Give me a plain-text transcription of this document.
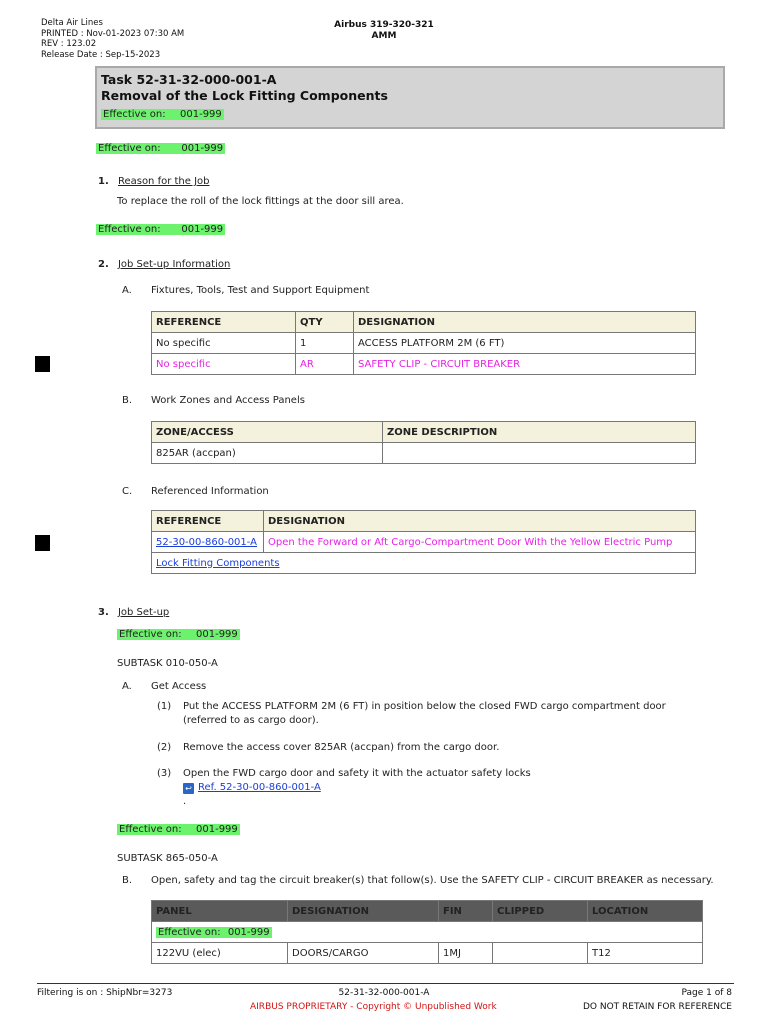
Delta Air Lines
PRINTED : Nov-01-2023 07:30 AM
REV : 123.02
Release Date : Sep-15-2023
Airbus 319-320-321
AMM
Task 52-31-32-000-001-A
Removal of the Lock Fitting Components
Effective on: 001-999
Effective on: 001-999
1. Reason for the Job
To replace the roll of the lock fittings at the door sill area.
Effective on: 001-999
2. Job Set-up Information
A. Fixtures, Tools, Test and Support Equipment
REFERENCE	QTY	DESIGNATION
No specific	1	ACCESS PLATFORM 2M (6 FT)
No specific	AR	SAFETY CLIP - CIRCUIT BREAKER
B. Work Zones and Access Panels
ZONE/ACCESS	ZONE DESCRIPTION
825AR (accpan)	
C. Referenced Information
REFERENCE	DESIGNATION
52-30-00-860-001-A	Open the Forward or Aft Cargo-Compartment Door With the Yellow Electric Pump
Lock Fitting Components	
3. Job Set-up
Effective on: 001-999
SUBTASK 010-050-A
A. Get Access
(1) Put the ACCESS PLATFORM 2M (6 FT) in position below the closed FWD cargo compartment door
(referred to as cargo door).
(2) Remove the access cover 825AR (accpan) from the cargo door.
(3) Open the FWD cargo door and safety it with the actuator safety locks
↩ Ref. 52-30-00-860-001-A
.
Effective on: 001-999
SUBTASK 865-050-A
B. Open, safety and tag the circuit breaker(s) that follow(s). Use the SAFETY CLIP - CIRCUIT BREAKER as necessary.
PANEL	DESIGNATION	FIN	CLIPPED	LOCATION
Effective on: 001-999				
122VU (elec)	DOORS/CARGO	1MJ		T12
Filtering is on : ShipNbr=3273	52-31-32-000-001-A	Page 1 of 8
AIRBUS PROPRIETARY - Copyright © Unpublished Work	DO NOT RETAIN FOR REFERENCE
